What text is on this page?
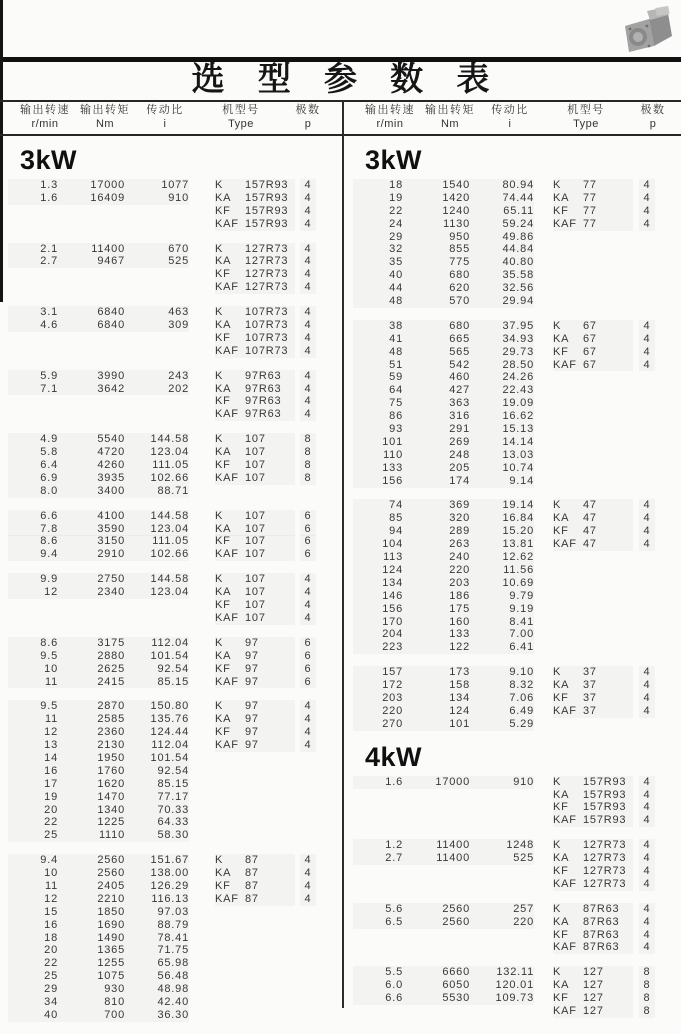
选 型 参 数 表
输出转速
r/min
输出转矩
Nm
传动比
i
机型号
Type
极数
p
输出转速
r/min
输出转矩
Nm
传动比
i
机型号
Type
极数
p
3kW
1.3	17000	1077 K 157R93 4
1.6	16409	910 KA 157R93 4
KF 157R93 4
KAF 157R93 4
2.1	11400	670 K 127R73 4
2.7	9467	525 KA 127R73 4
KF 127R73 4
KAF 127R73 4
3.1	6840	463 K 107R73 4
4.6	6840	309 KA 107R73 4
KF 107R73 4
KAF 107R73 4
5.9	3990	243 K 97R63 4
7.1	3642	202 KA 97R63 4
KF 97R63 4
KAF 97R63 4
4.9	5540 144.58 K 107	8
5.8	4720 123.04 KA 107	8
6.4	4260 111.05 KF 107	8
6.9	3935 102.66 KAF 107	8
8.0	3400	88.71
6.6	4100 144.58 K 107	6
7.8	3590 123.04 KA 107	6
8.6	3150 111.05 KF 107	6
9.4	2910 102.66 KAF 107	6
9.9	2750 144.58 K 107	4
12	2340 123.04 KA 107	4
KF 107	4
KAF 107	4
8.6	3175 112.04 K 97	6
9.5	2880 101.54 KA 97	6
10	2625	92.54 KF 97	6
11	2415	85.15 KAF 97	6
9.5	2870 150.80 K 97	4
11	2585 135.76 KA 97	4
12	2360 124.44 KF 97	4
13	2130 112.04 KAF 97	4
14	1950 101.54
16	1760	92.54
17	1620	85.15
19	1470	77.17
20	1340	70.33
22	1225	64.33
25	1110	58.30
9.4	2560 151.67 K 87	4
10	2560 138.00 KA 87	4
11	2405 126.29 KF 87	4
12	2210 116.13 KAF 87	4
15	1850	97.03
16	1690	88.79
18	1490	78.41
20	1365	71.75
22	1255	65.98
25	1075	56.48
29	930	48.98
34	810	42.40
40	700	36.30
3kW
18	1540	80.94 K 77	4
19	1420	74.44 KA 77	4
22	1240	65.11 KF 77	4
24	1130	59.24 KAF 77	4
29	950	49.86
32	855	44.84
35	775	40.80
40	680	35.58
44	620	32.56
48	570	29.94
38	680	37.95 K 67	4
41	665	34.93 KA 67	4
48	565	29.73 KF 67	4
51	542	28.50 KAF 67	4
59	460	24.26
64	427	22.43
75	363	19.09
86	316	16.62
93	291	15.13
101	269	14.14
110	248	13.03
133	205	10.74
156	174	9.14
74	369	19.14 K 47	4
85	320	16.84 KA 47	4
94	289	15.20 KF 47	4
104	263	13.81 KAF 47	4
113	240	12.62
124	220	11.56
134	203	10.69
146	186	9.79
156	175	9.19
170	160	8.41
204	133	7.00
223	122	6.41
157	173	9.10 K 37	4
172	158	8.32 KA 37	4
203	134	7.06 KF 37	4
220	124	6.49 KAF 37	4
270	101	5.29
4kW
1.6	17000	910 K 157R93 4
KA 157R93 4
KF 157R93 4
KAF 157R93 4
1.2	11400	1248 K 127R73 4
2.7	11400	525 KA 127R73 4
KF 127R73 4
KAF 127R73 4
5.6	2560	257 K 87R63 4
6.5	2560	220 KA 87R63 4
KF 87R63 4
KAF 87R63 4
5.5	6660 132.11 K 127	8
6.0	6050 120.01 KA 127	8
6.6	5530 109.73 KF 127	8
KAF 127	8
